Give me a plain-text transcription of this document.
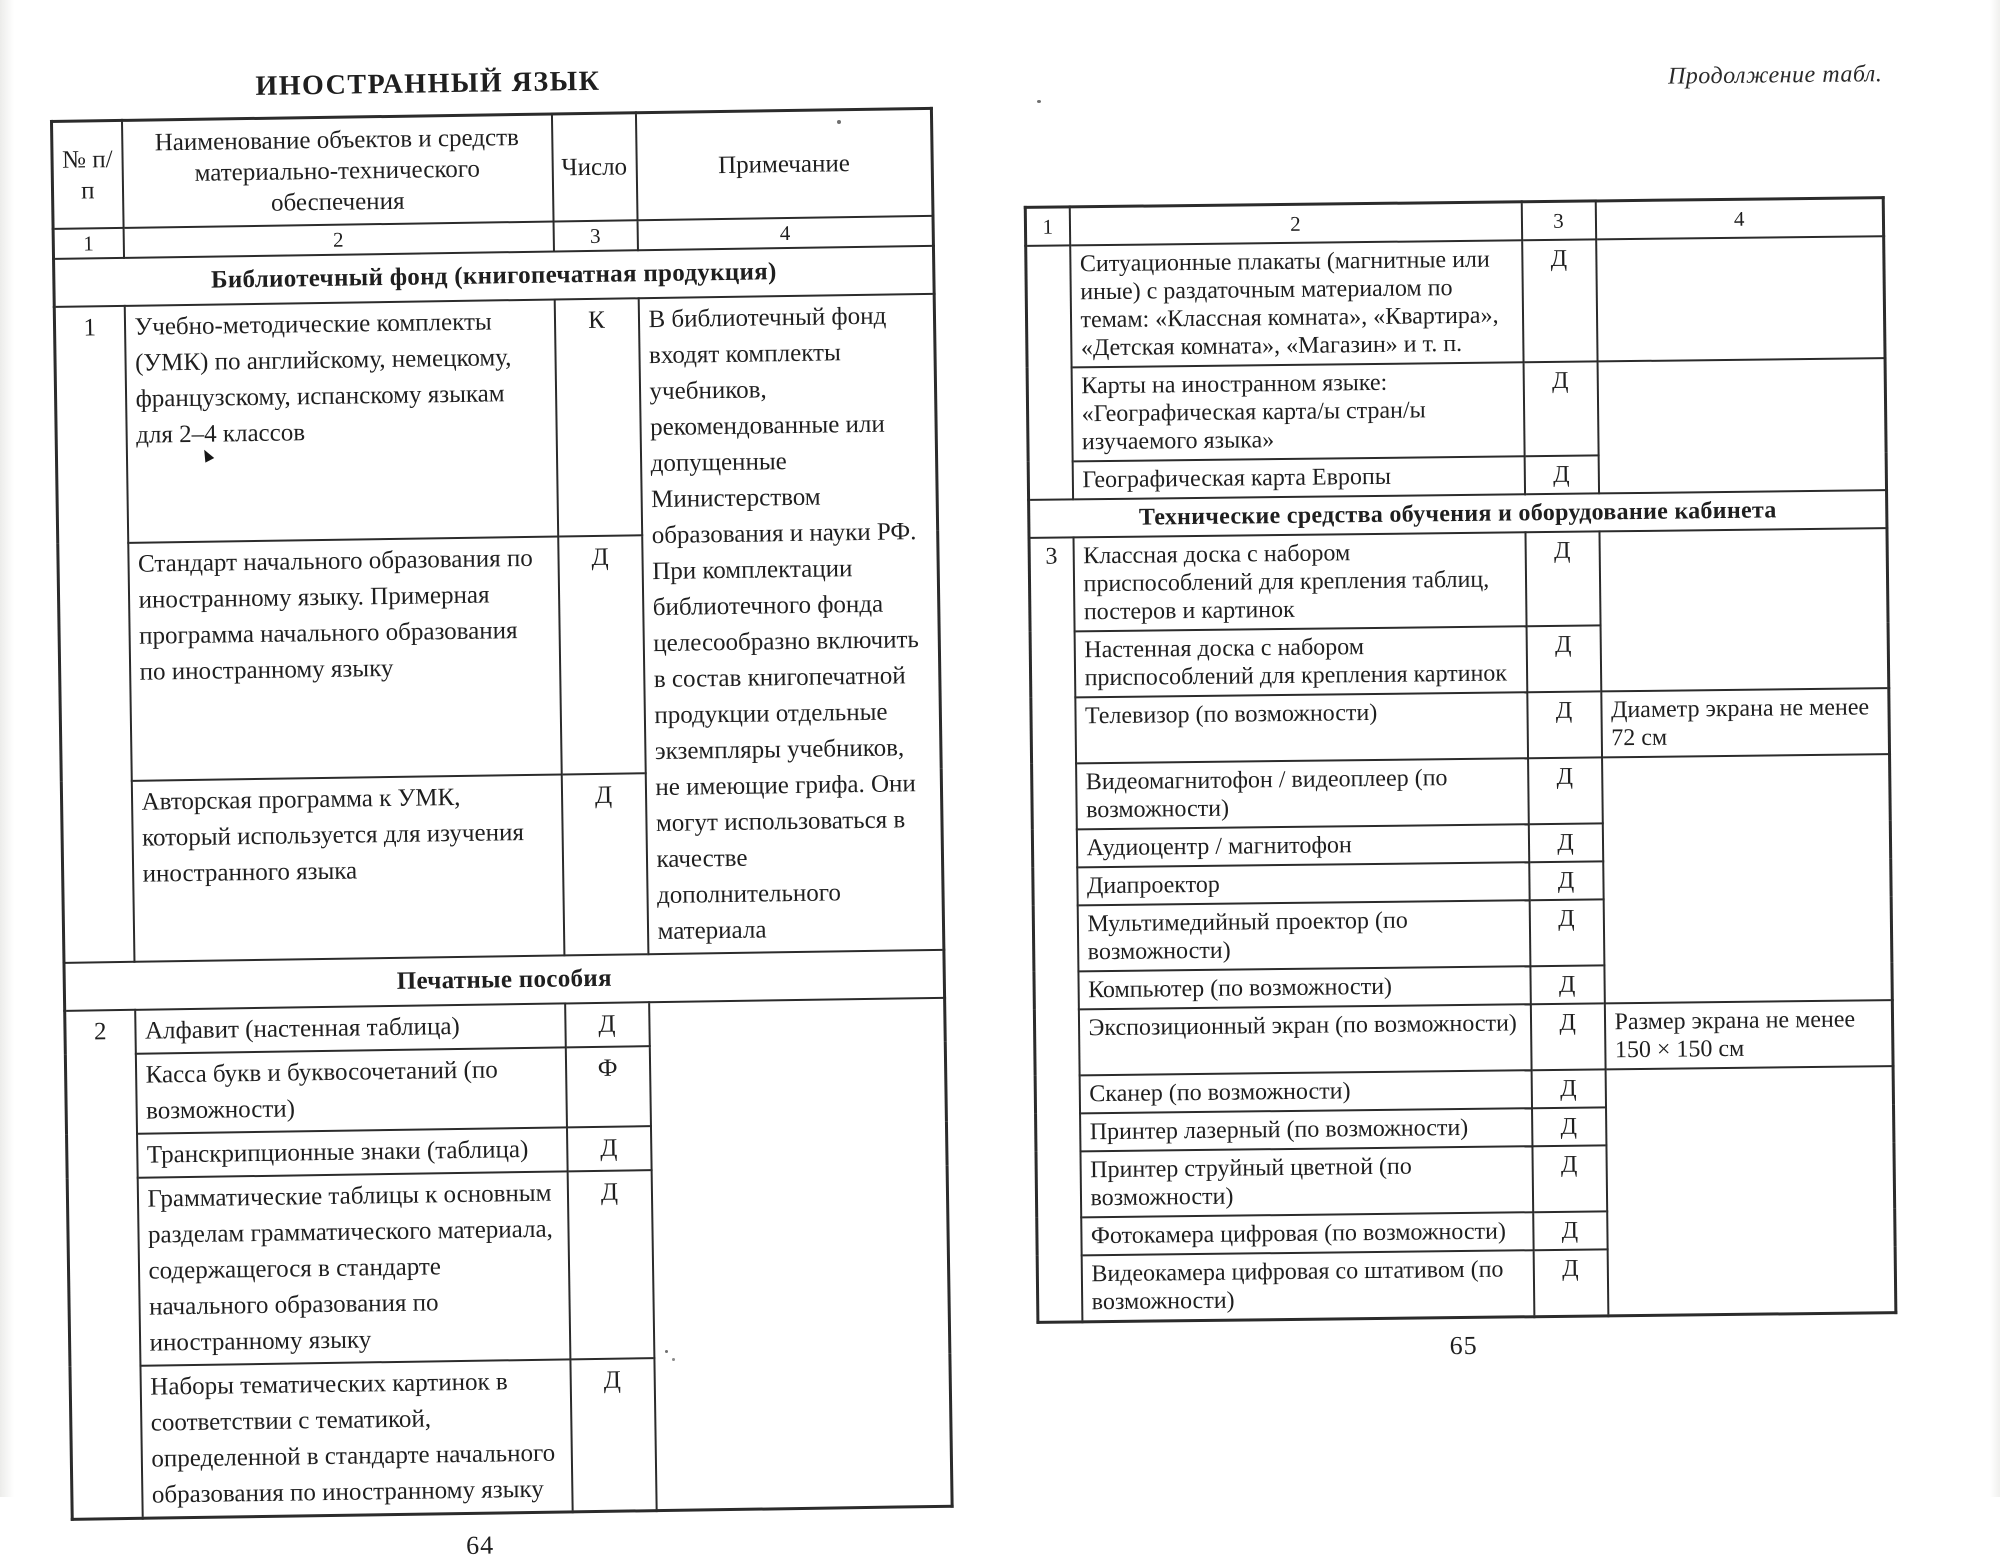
ИНОСТРАННЫЙ ЯЗЫК
№ п/п	Наименование объектов и средств материально-технического обеспечения	Число	Примечание
1	2	3	4
Библиотечный фонд (книгопечатная продукция)			
1	Учебно-методические комплекты (УМК) по английскому, немецкому, французскому, испанскому языкам для 2–4 классов	К	В библиотечный фонд входят комплекты учебников, рекомендованные или допущенные Министерством образования и науки РФ. При комплектации библиотечного фонда целесообразно включить в состав книгопечатной продукции отдельные экземпляры учебников, не имеющие грифа. Они могут использоваться в качестве дополнительного материала
	Стандарт начального образования по иностранному языку. Примерная программа начального образования по иностранному языку	Д	
	Авторская программа к УМК, который используется для изучения иностранного языка	Д	
Печатные пособия			
2	Алфавит (настенная таблица)	Д	
	Касса букв и буквосочетаний (по возможности)	Ф	
	Транскрипционные знаки (таблица)	Д	
	Грамматические таблицы к основным разделам грамматического материала, содержащегося в стандарте начального образования по иностранному языку	Д	
	Наборы тематических картинок в соответствии с тематикой, определенной в стандарте начального образования по иностранному языку	Д	
64
Продолжение табл.
1	2	3	4
	Ситуационные плакаты (магнитные или иные) с раздаточным материалом по темам: «Классная комната», «Квартира», «Детская комната», «Магазин» и т. п.	Д	
	Карты на иностранном языке: «Географическая карта/ы стран/ы изучаемого языка»	Д	
	Географическая карта Европы	Д	
Технические средства обучения и оборудование кабинета			
3	Классная доска с набором приспособлений для крепления таблиц, постеров и картинок	Д	
	Настенная доска с набором приспособлений для крепления картинок	Д	
	Телевизор (по возможности)	Д	Диаметр экрана не менее 72 см
	Видеомагнитофон / видеоплеер (по возможности)	Д	
	Аудиоцентр / магнитофон	Д	
	Диапроектор	Д	
	Мультимедийный проектор (по возможности)	Д	
	Компьютер (по возможности)	Д	
	Экспозиционный экран (по возможности)	Д	Размер экрана не менее 150 × 150 см
	Сканер (по возможности)	Д	
	Принтер лазерный (по возможности)	Д	
	Принтер струйный цветной (по возможности)	Д	
	Фотокамера цифровая (по возможности)	Д	
	Видеокамера цифровая со штативом (по возможности)	Д	
65
